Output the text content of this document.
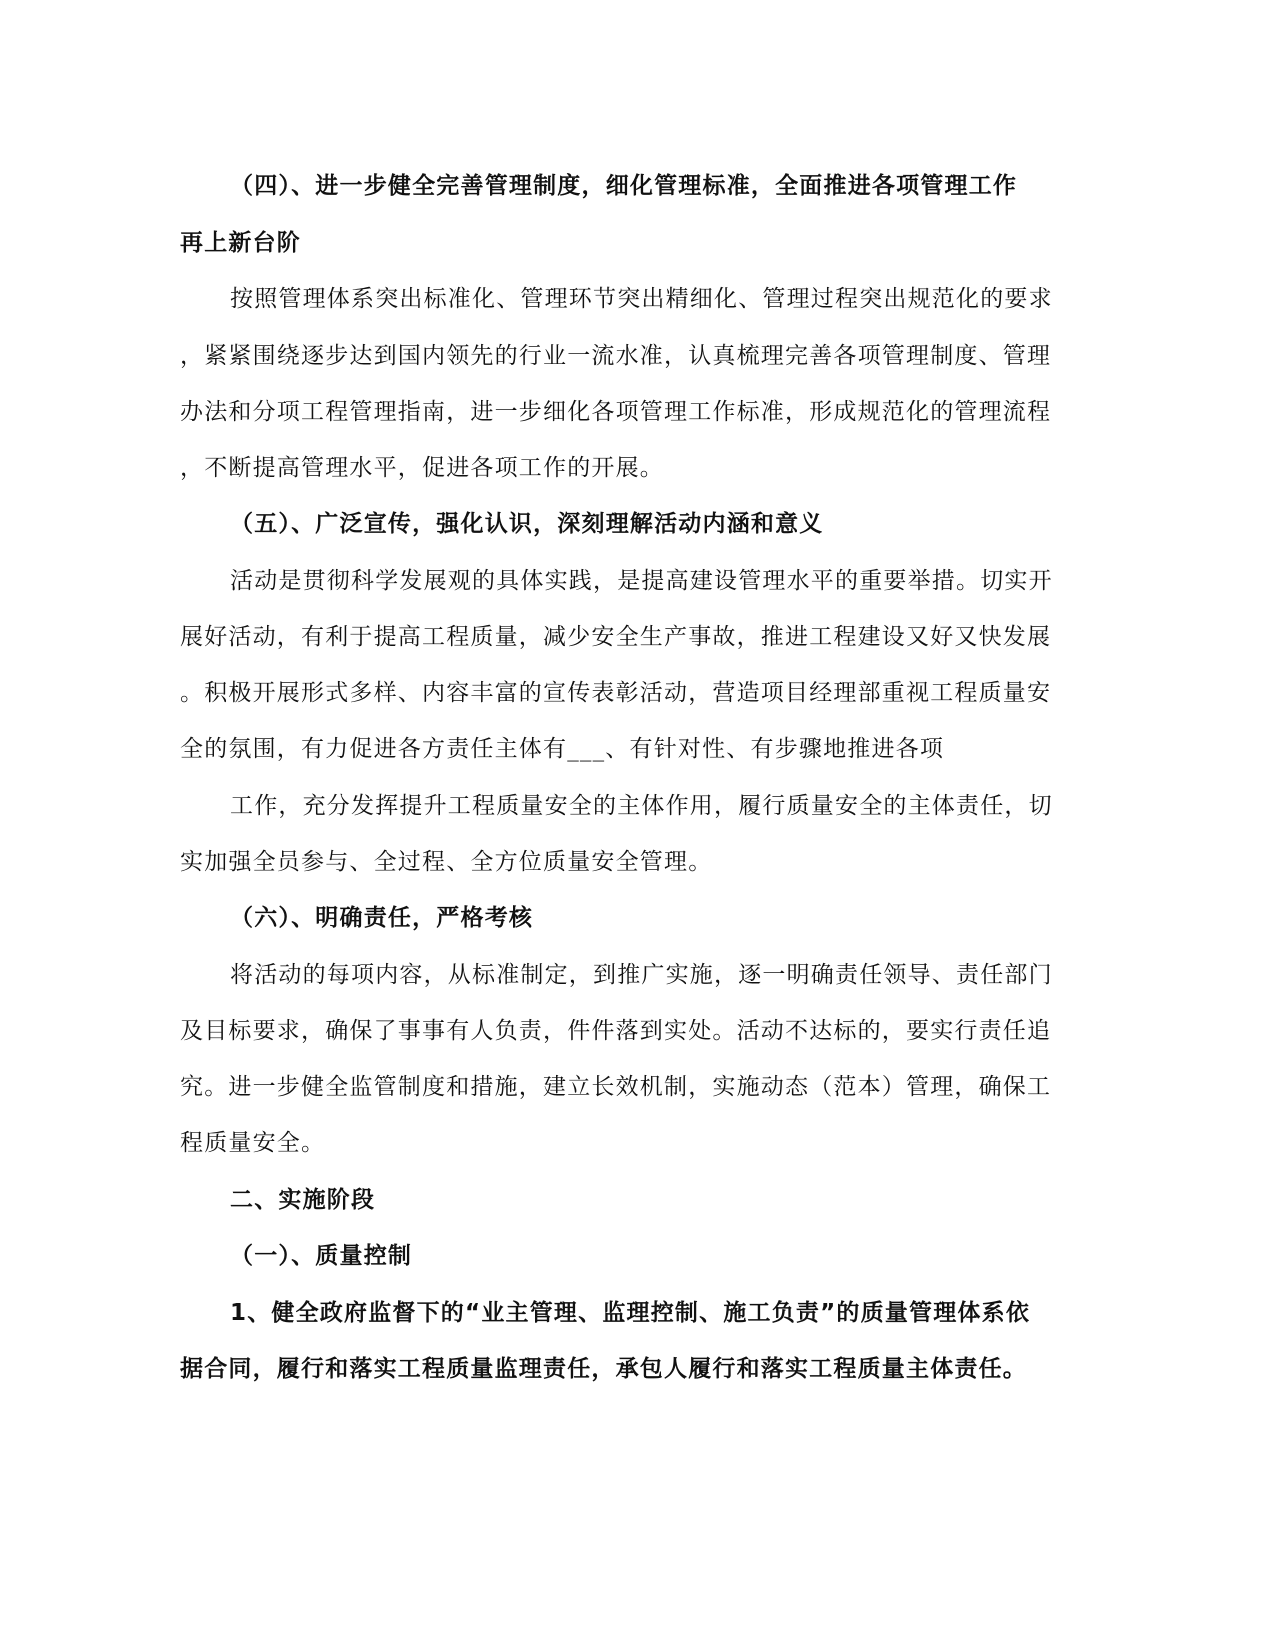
（四）、进一步健全完善管理制度，细化管理标准，全面推进各项管理工作

再上新台阶

按照管理体系突出标准化、管理环节突出精细化、管理过程突出规范化的要求

，紧紧围绕逐步达到国内领先的行业一流水准，认真梳理完善各项管理制度、管理

办法和分项工程管理指南，进一步细化各项管理工作标准，形成规范化的管理流程

，不断提高管理水平，促进各项工作的开展。

（五）、广泛宣传，强化认识，深刻理解活动内涵和意义

活动是贯彻科学发展观的具体实践，是提高建设管理水平的重要举措。切实开

展好活动，有利于提高工程质量，减少安全生产事故，推进工程建设又好又快发展

。积极开展形式多样、内容丰富的宣传表彰活动，营造项目经理部重视工程质量安

全的氛围，有力促进各方责任主体有___、有针对性、有步骤地推进各项

工作，充分发挥提升工程质量安全的主体作用，履行质量安全的主体责任，切

实加强全员参与、全过程、全方位质量安全管理。

（六）、明确责任，严格考核

将活动的每项内容，从标准制定，到推广实施，逐一明确责任领导、责任部门

及目标要求，确保了事事有人负责，件件落到实处。活动不达标的，要实行责任追

究。进一步健全监管制度和措施，建立长效机制，实施动态（范本）管理，确保工

程质量安全。

二、实施阶段

（一）、质量控制

1、健全政府监督下的“业主管理、监理控制、施工负责”的质量管理体系依

据合同，履行和落实工程质量监理责任，承包人履行和落实工程质量主体责任。
